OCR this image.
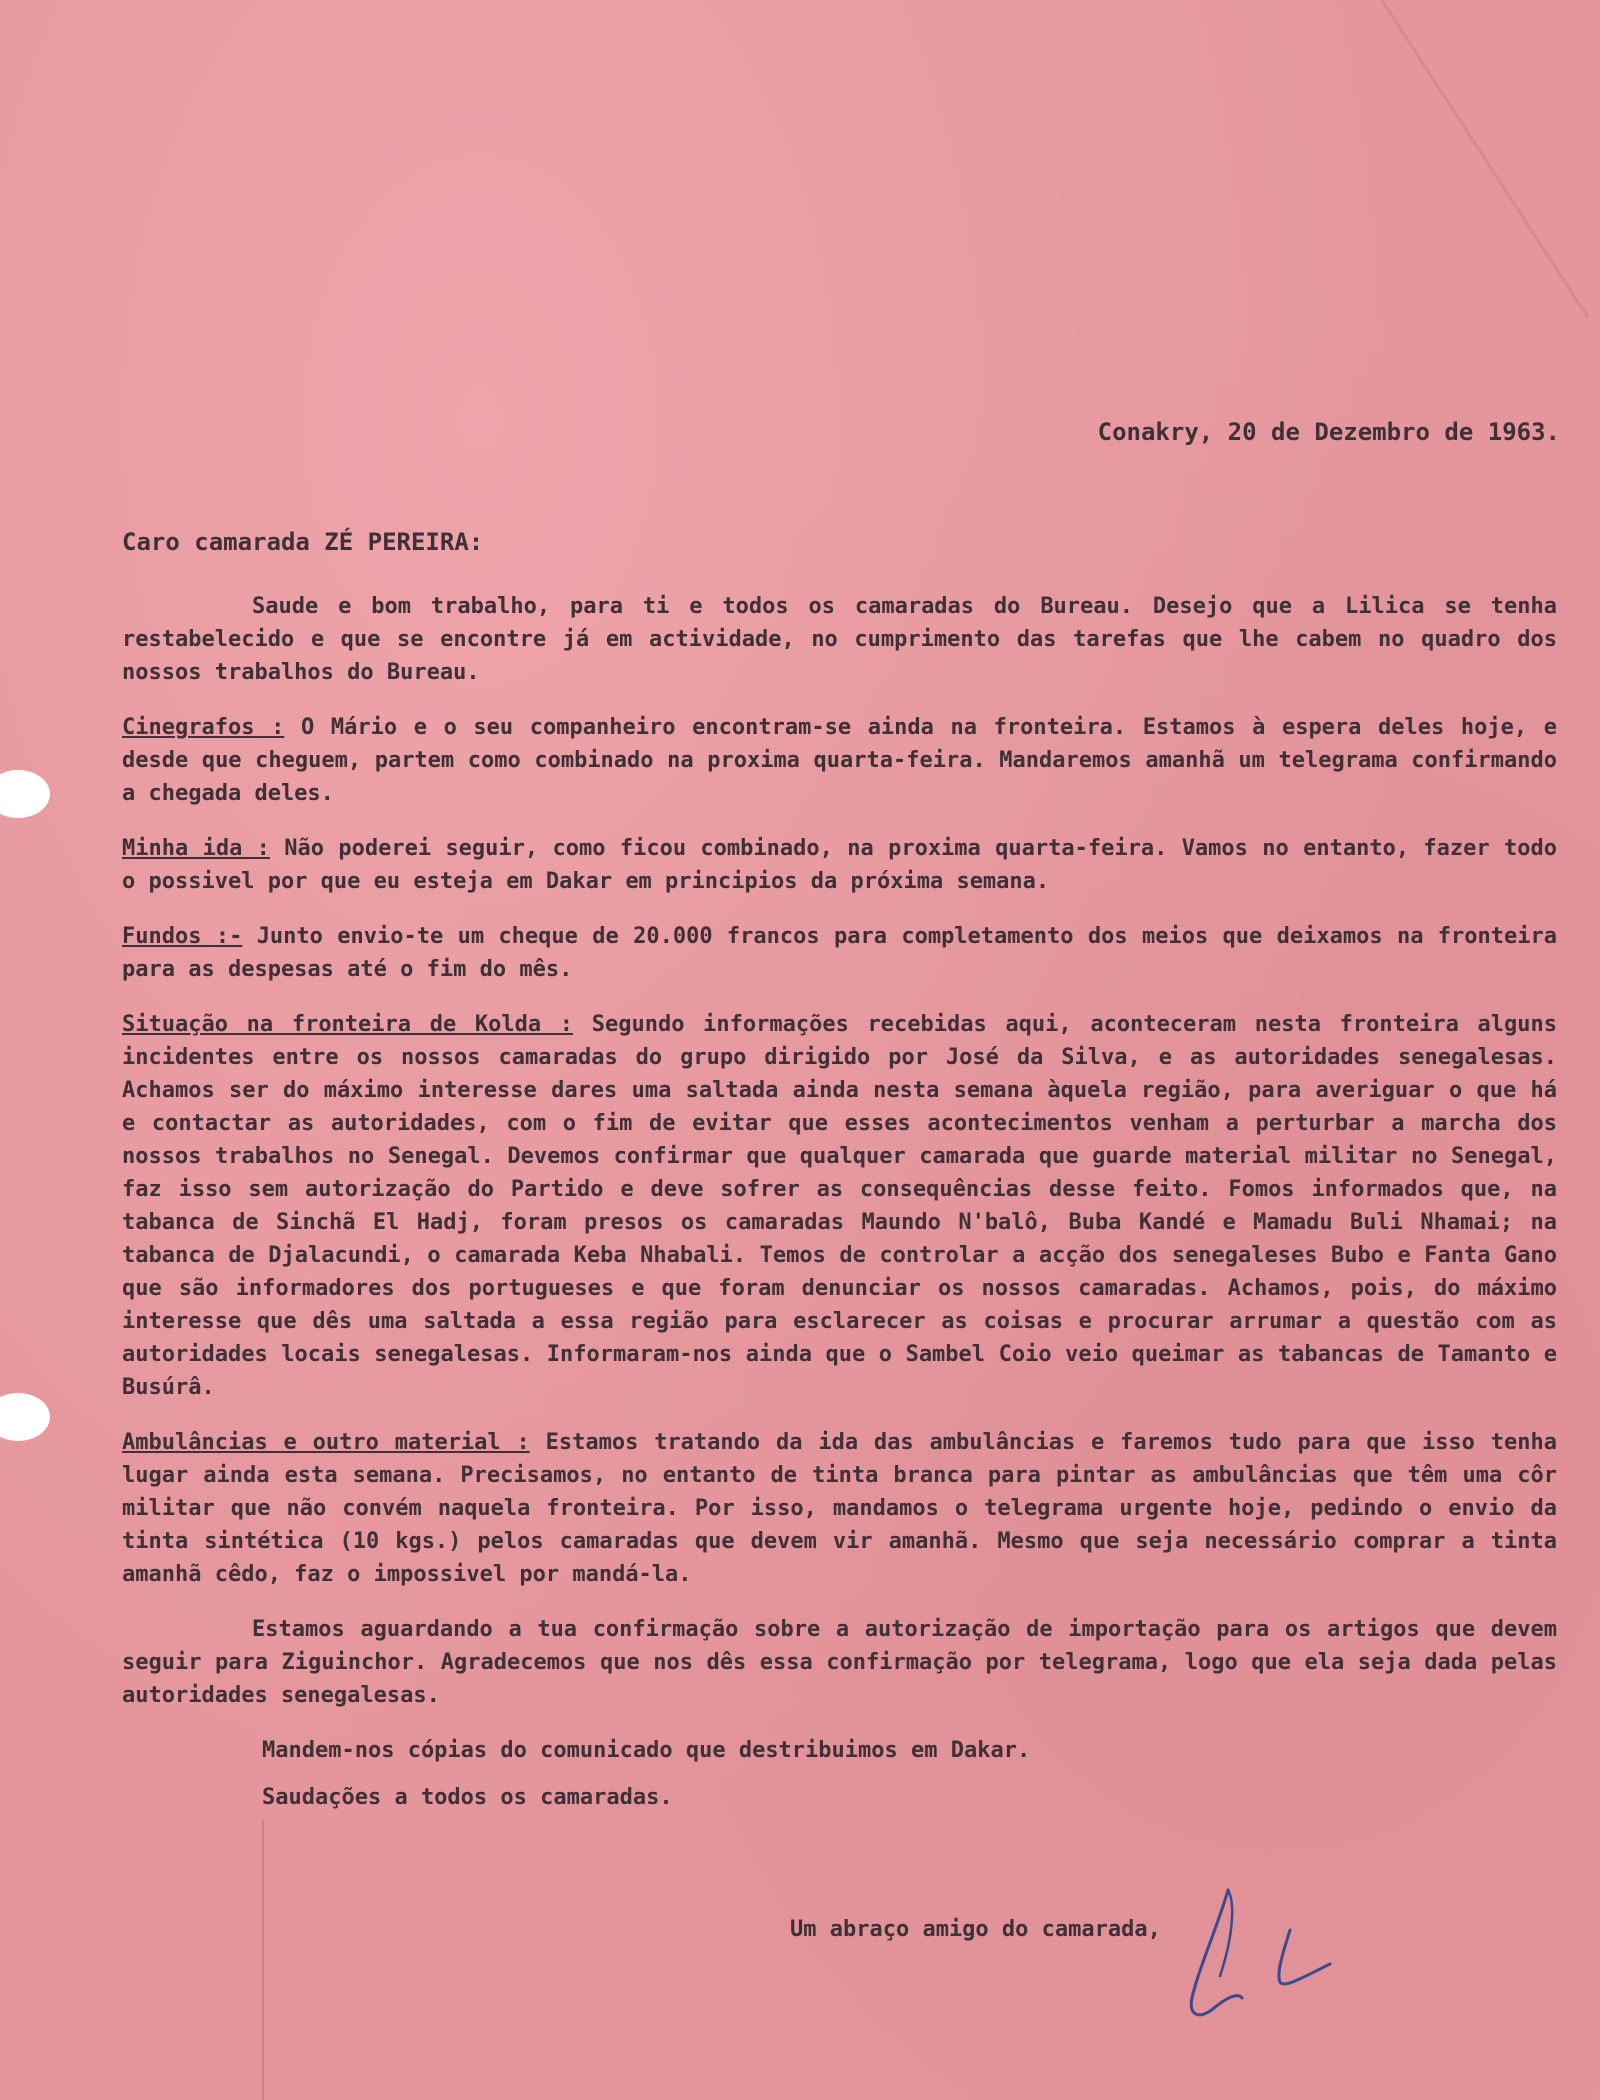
Conakry, 20 de Dezembro de 1963.
Caro camarada ZÉ PEREIRA:

Saude e bom trabalho, para ti e todos os camaradas do Bureau. Desejo que a Lilica se tenha restabelecido e que se encontre já em actividade, no cumprimento das tarefas que lhe cabem no quadro dos nossos trabalhos do Bureau.

Cinegrafos : O Mário e o seu companheiro encontram-se ainda na fronteira. Estamos à espera deles hoje, e desde que cheguem, partem como combinado na proxima quarta-feira. Mandaremos amanhã um telegrama confirmando a chegada deles.

Minha ida : Não poderei seguir, como ficou combinado, na proxima quarta-feira. Vamos no entanto, fazer todo o possivel por que eu esteja em Dakar em principios da próxima semana.

Fundos :- Junto envio-te um cheque de 20.000 francos para completamento dos meios que deixamos na fronteira para as despesas até o fim do mês.

Situação na fronteira de Kolda : Segundo informações recebidas aqui, aconteceram nesta fronteira alguns incidentes entre os nossos camaradas do grupo dirigido por José da Silva, e as autoridades senegalesas. Achamos ser do máximo interesse dares uma saltada ainda nesta semana àquela região, para averiguar o que há e contactar as autoridades, com o fim de evitar que esses acontecimentos venham a perturbar a marcha dos nossos trabalhos no Senegal. Devemos confirmar que qualquer camarada que guarde material militar no Senegal, faz isso sem autorização do Partido e deve sofrer as consequências desse feito. Fomos informados que, na tabanca de Sinchã El Hadj, foram presos os camaradas Maundo N'balô, Buba Kandé e Mamadu Buli Nhamai; na tabanca de Djalacundi, o camarada Keba Nhabali. Temos de controlar a acção dos senegaleses Bubo e Fanta Gano que são informadores dos portugueses e que foram denunciar os nossos camaradas. Achamos, pois, do máximo interesse que dês uma saltada a essa região para esclarecer as coisas e procurar arrumar a questão com as autoridades locais senegalesas. Informaram-nos ainda que o Sambel Coio veio queimar as tabancas de Tamanto e Busúrâ.

Ambulâncias e outro material : Estamos tratando da ida das ambulâncias e faremos tudo para que isso tenha lugar ainda esta semana. Precisamos, no entanto de tinta branca para pintar as ambulâncias que têm uma côr militar que não convém naquela fronteira. Por isso, mandamos o telegrama urgente hoje, pedindo o envio da tinta sintética (10 kgs.) pelos camaradas que devem vir amanhã. Mesmo que seja necessário comprar a tinta amanhã cêdo, faz o impossivel por mandá-la.

Estamos aguardando a tua confirmação sobre a autorização de importação para os artigos que devem seguir para Ziguinchor. Agradecemos que nos dês essa confirmação por telegrama, logo que ela seja dada pelas autoridades senegalesas.

Mandem-nos cópias do comunicado que destribuimos em Dakar.

Saudações a todos os camaradas.

Um abraço amigo do camarada,
